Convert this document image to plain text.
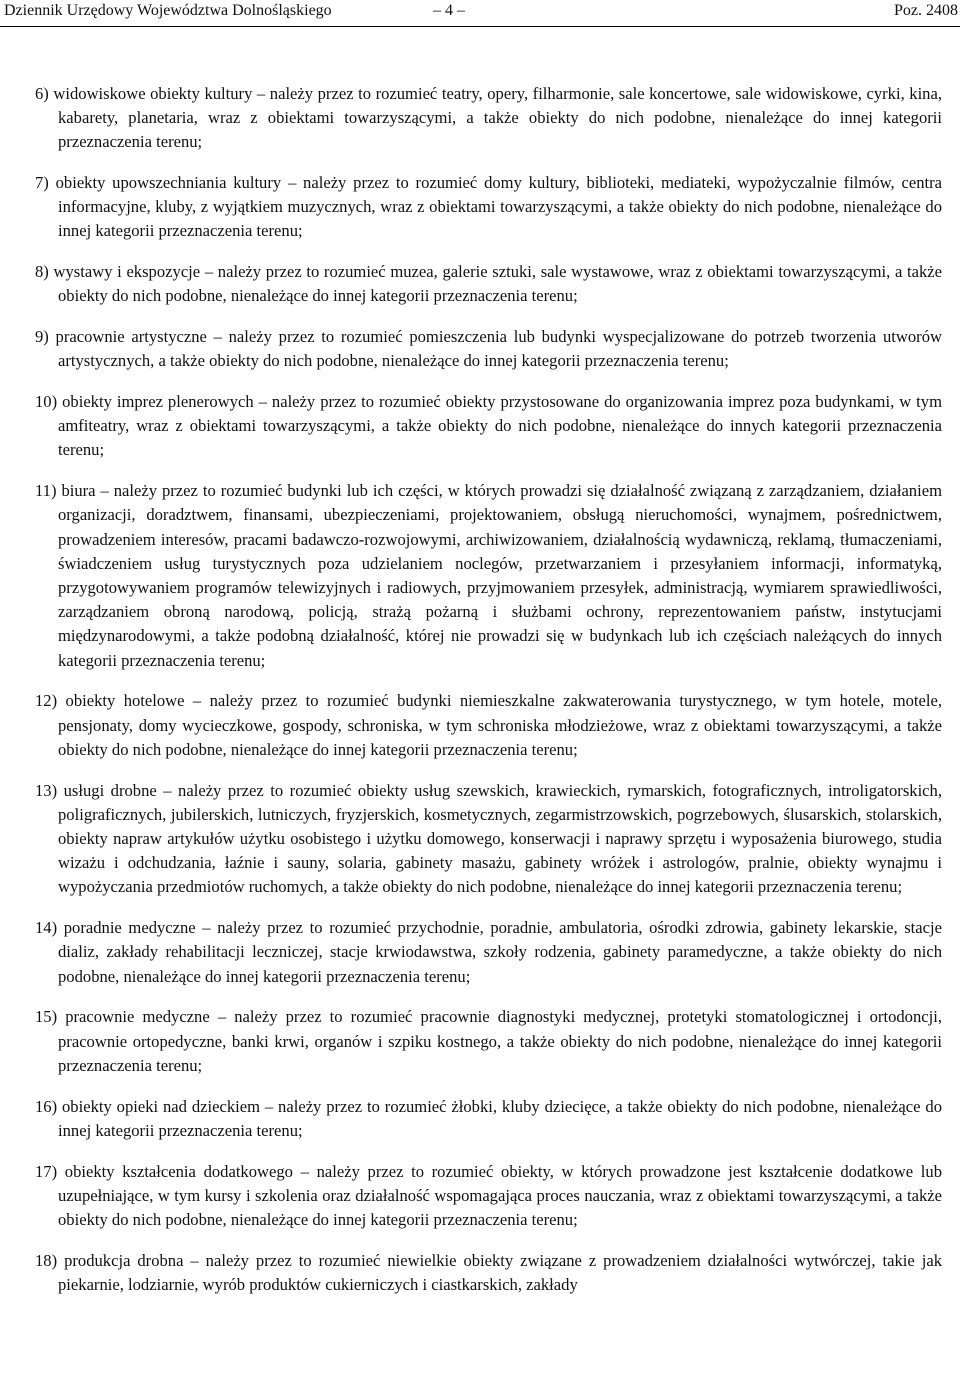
Dziennik Urzędowy Województwa Dolnośląskiego	– 4 –	Poz. 2408

6) widowiskowe obiekty kultury – należy przez to rozumieć teatry, opery, filharmonie, sale koncertowe, sale widowiskowe, cyrki, kina, kabarety, planetaria, wraz z obiektami towarzyszącymi, a także obiekty do nich podobne, nienależące do innej kategorii przeznaczenia terenu;

7) obiekty upowszechniania kultury – należy przez to rozumieć domy kultury, biblioteki, mediateki, wypożyczalnie filmów, centra informacyjne, kluby, z wyjątkiem muzycznych, wraz z obiektami towarzyszącymi, a także obiekty do nich podobne, nienależące do innej kategorii przeznaczenia terenu;

8) wystawy i ekspozycje – należy przez to rozumieć muzea, galerie sztuki, sale wystawowe, wraz z obiektami towarzyszącymi, a także obiekty do nich podobne, nienależące do innej kategorii przeznaczenia terenu;

9) pracownie artystyczne – należy przez to rozumieć pomieszczenia lub budynki wyspecjalizowane do potrzeb tworzenia utworów artystycznych, a także obiekty do nich podobne, nienależące do innej kategorii przeznaczenia terenu;

10) obiekty imprez plenerowych – należy przez to rozumieć obiekty przystosowane do organizowania imprez poza budynkami, w tym amfiteatry, wraz z obiektami towarzyszącymi, a także obiekty do nich podobne, nienależące do innych kategorii przeznaczenia terenu;

11) biura – należy przez to rozumieć budynki lub ich części, w których prowadzi się działalność związaną z zarządzaniem, działaniem organizacji, doradztwem, finansami, ubezpieczeniami, projektowaniem, obsługą nieruchomości, wynajmem, pośrednictwem, prowadzeniem interesów, pracami badawczo-rozwojowymi, archiwizowaniem, działalnością wydawniczą, reklamą, tłumaczeniami, świadczeniem usług turystycznych poza udzielaniem noclegów, przetwarzaniem i przesyłaniem informacji, informatyką, przygotowywaniem programów telewizyjnych i radiowych, przyjmowaniem przesyłek, administracją, wymiarem sprawiedliwości, zarządzaniem obroną narodową, policją, strażą pożarną i służbami ochrony, reprezentowaniem państw, instytucjami międzynarodowymi, a także podobną działalność, której nie prowadzi się w budynkach lub ich częściach należących do innych kategorii przeznaczenia terenu;

12) obiekty hotelowe – należy przez to rozumieć budynki niemieszkalne zakwaterowania turystycznego, w tym hotele, motele, pensjonaty, domy wycieczkowe, gospody, schroniska, w tym schroniska młodzieżowe, wraz z obiektami towarzyszącymi, a także obiekty do nich podobne, nienależące do innej kategorii przeznaczenia terenu;

13) usługi drobne – należy przez to rozumieć obiekty usług szewskich, krawieckich, rymarskich, fotograficznych, introligatorskich, poligraficznych, jubilerskich, lutniczych, fryzjerskich, kosmetycznych, zegarmistrzowskich, pogrzebowych, ślusarskich, stolarskich, obiekty napraw artykułów użytku osobistego i użytku domowego, konserwacji i naprawy sprzętu i wyposażenia biurowego, studia wizażu i odchudzania, łaźnie i sauny, solaria, gabinety masażu, gabinety wróżek i astrologów, pralnie, obiekty wynajmu i wypożyczania przedmiotów ruchomych, a także obiekty do nich podobne, nienależące do innej kategorii przeznaczenia terenu;

14) poradnie medyczne – należy przez to rozumieć przychodnie, poradnie, ambulatoria, ośrodki zdrowia, gabinety lekarskie, stacje dializ, zakłady rehabilitacji leczniczej, stacje krwiodawstwa, szkoły rodzenia, gabinety paramedyczne, a także obiekty do nich podobne, nienależące do innej kategorii przeznaczenia terenu;

15) pracownie medyczne – należy przez to rozumieć pracownie diagnostyki medycznej, protetyki stomatologicznej i ortodoncji, pracownie ortopedyczne, banki krwi, organów i szpiku kostnego, a także obiekty do nich podobne, nienależące do innej kategorii przeznaczenia terenu;

16) obiekty opieki nad dzieckiem – należy przez to rozumieć żłobki, kluby dziecięce, a także obiekty do nich podobne, nienależące do innej kategorii przeznaczenia terenu;

17) obiekty kształcenia dodatkowego – należy przez to rozumieć obiekty, w których prowadzone jest kształcenie dodatkowe lub uzupełniające, w tym kursy i szkolenia oraz działalność wspomagająca proces nauczania, wraz z obiektami towarzyszącymi, a także obiekty do nich podobne, nienależące do innej kategorii przeznaczenia terenu;

18) produkcja drobna – należy przez to rozumieć niewielkie obiekty związane z prowadzeniem działalności wytwórczej, takie jak piekarnie, lodziarnie, wyrób produktów cukierniczych i ciastkarskich, zakłady
